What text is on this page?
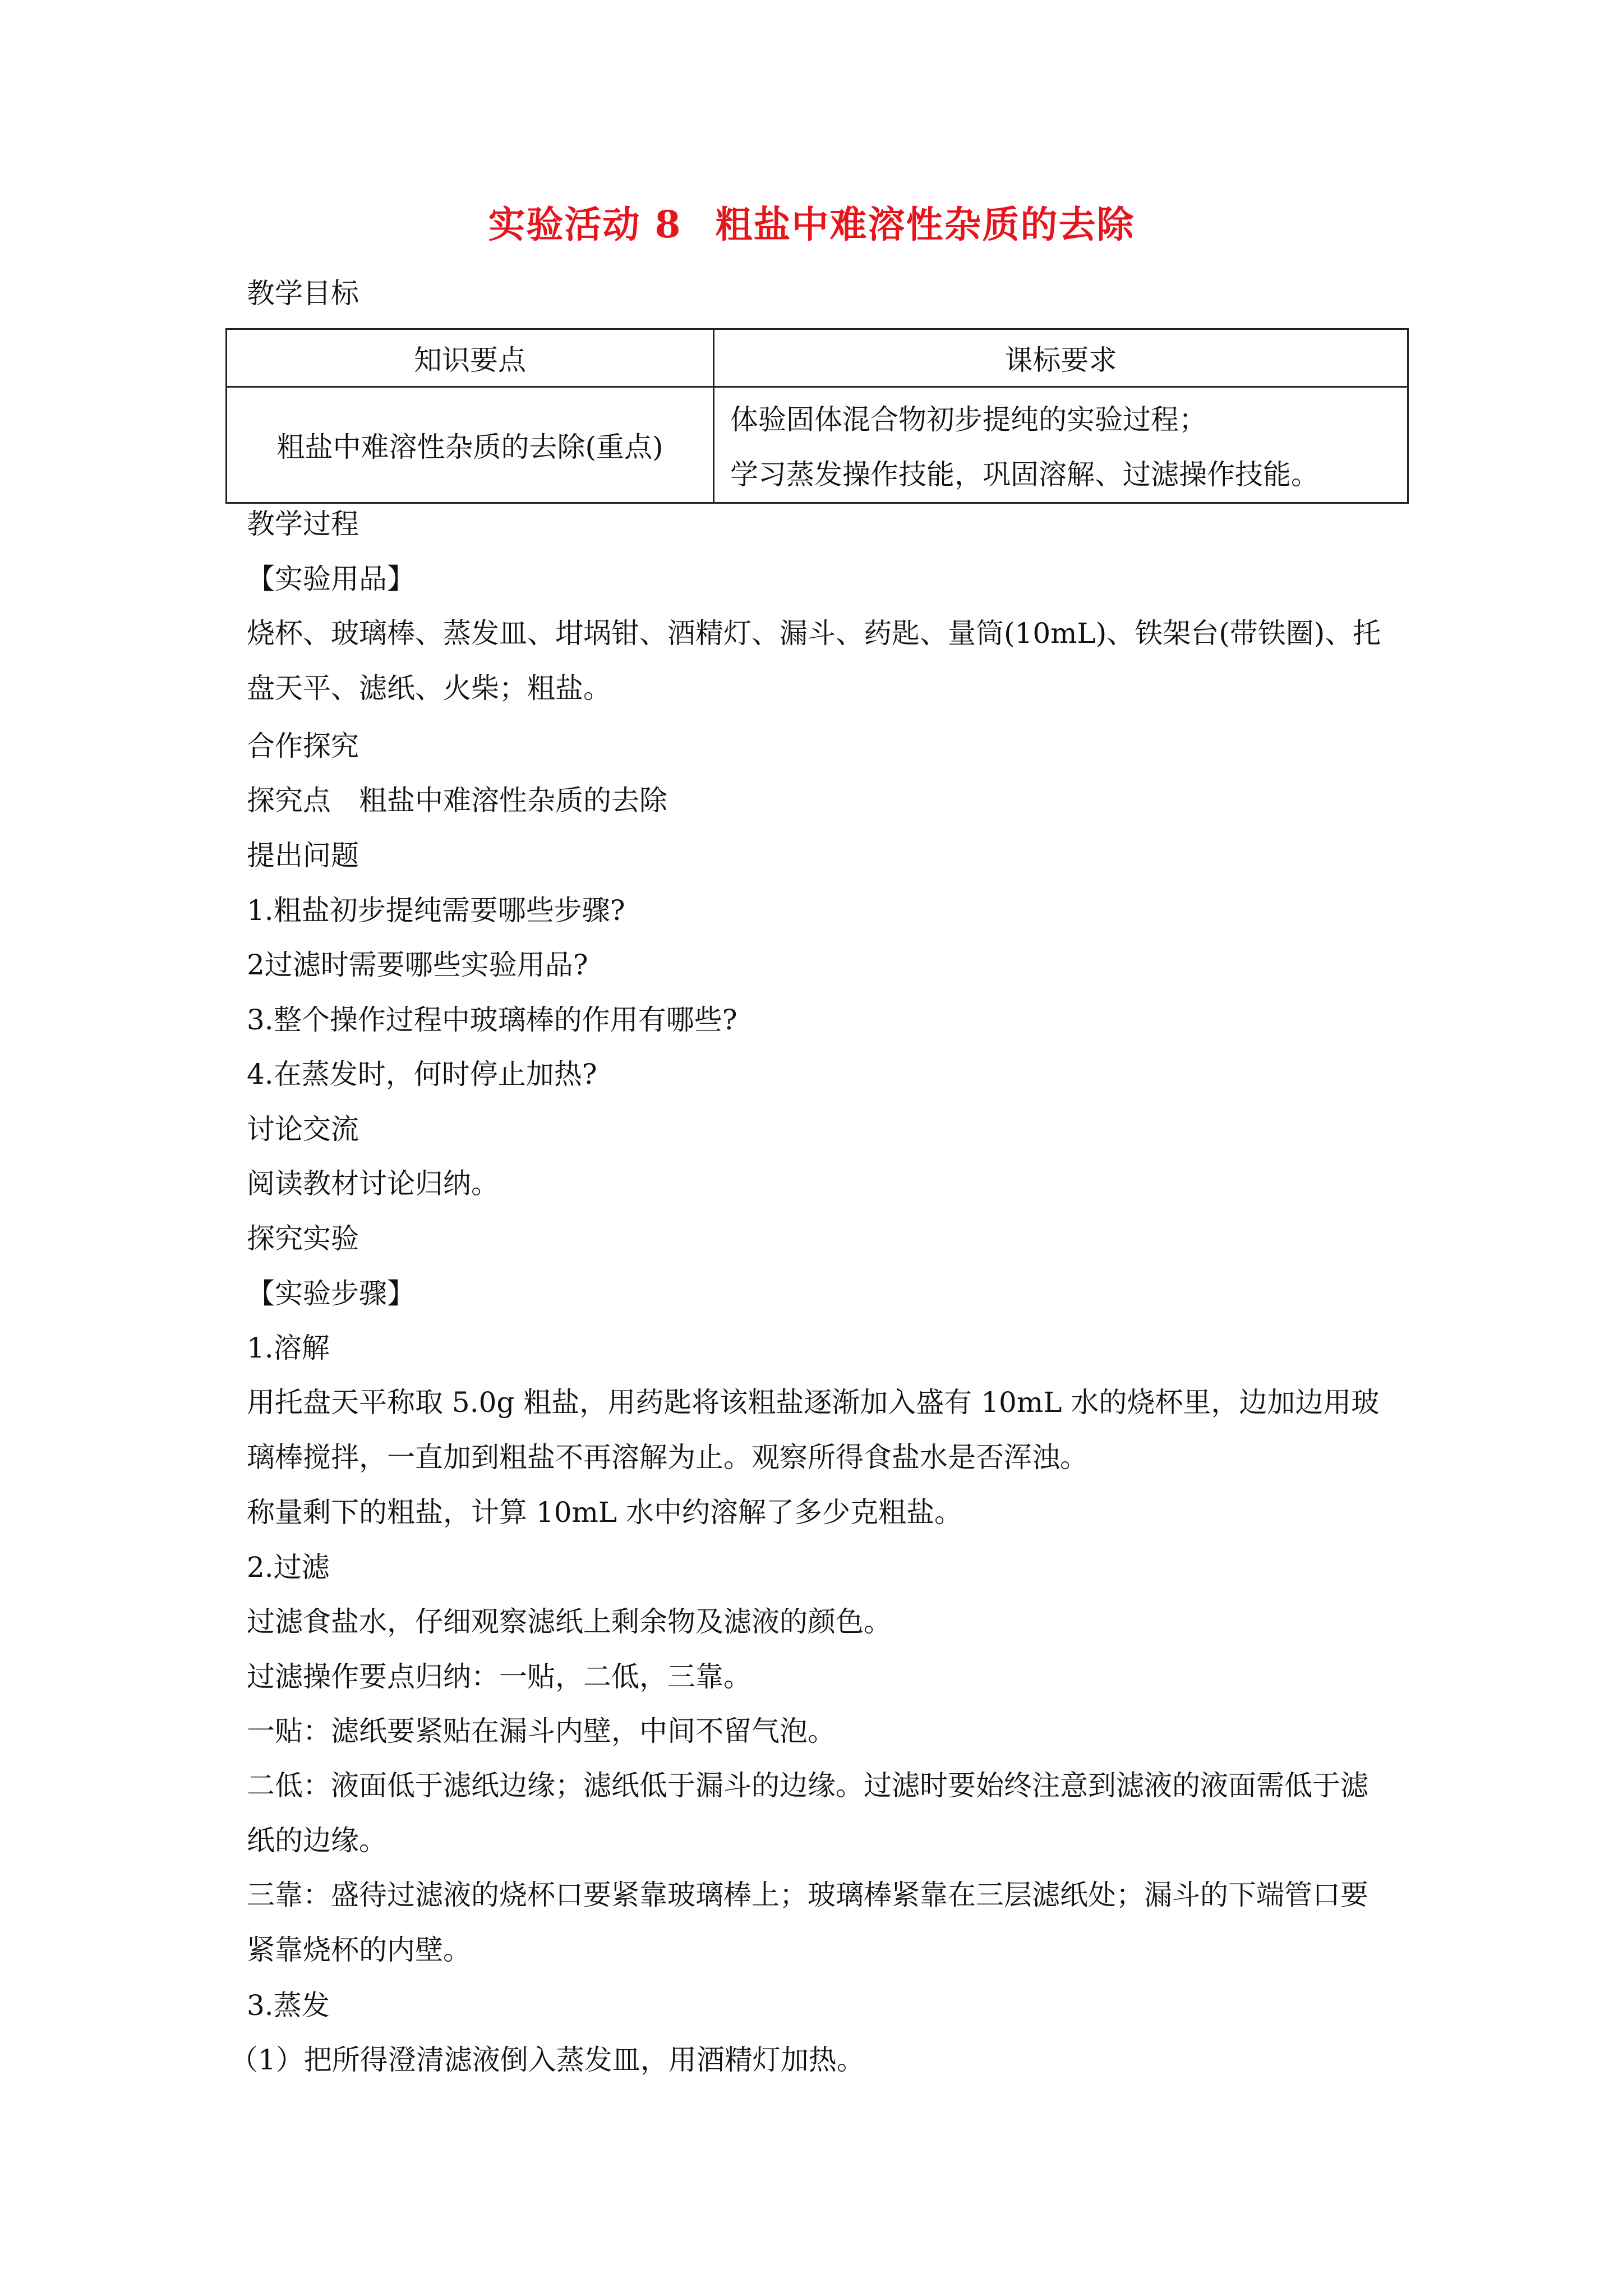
实验活动 8 粗盐中难溶性杂质的去除
教学目标
知识要点	课标要求
粗盐中难溶性杂质的去除(重点)	体验固体混合物初步提纯的实验过程；
学习蒸发操作技能，巩固溶解、过滤操作技能。
教学过程
【实验用品】
烧杯、玻璃棒、蒸发皿、坩埚钳、酒精灯、漏斗、药匙、量筒(10mL)、铁架台(带铁圈)、托盘天平、滤纸、火柴；粗盐。
合作探究
探究点　粗盐中难溶性杂质的去除
提出问题
1.粗盐初步提纯需要哪些步骤?
2过滤时需要哪些实验用品?
3.整个操作过程中玻璃棒的作用有哪些?
4.在蒸发时，何时停止加热?
讨论交流
阅读教材讨论归纳。
探究实验
【实验步骤】
1.溶解
用托盘天平称取 5.0g 粗盐，用药匙将该粗盐逐渐加入盛有 10mL 水的烧杯里，边加边用玻璃棒搅拌，一直加到粗盐不再溶解为止。观察所得食盐水是否浑浊。
称量剩下的粗盐，计算 10mL 水中约溶解了多少克粗盐。
2.过滤
过滤食盐水，仔细观察滤纸上剩余物及滤液的颜色。
过滤操作要点归纳：一贴，二低，三靠。
一贴：滤纸要紧贴在漏斗内壁，中间不留气泡。
二低：液面低于滤纸边缘；滤纸低于漏斗的边缘。过滤时要始终注意到滤液的液面需低于滤纸的边缘。
三靠：盛待过滤液的烧杯口要紧靠玻璃棒上；玻璃棒紧靠在三层滤纸处；漏斗的下端管口要紧靠烧杯的内壁。
3.蒸发
（1）把所得澄清滤液倒入蒸发皿，用酒精灯加热。
